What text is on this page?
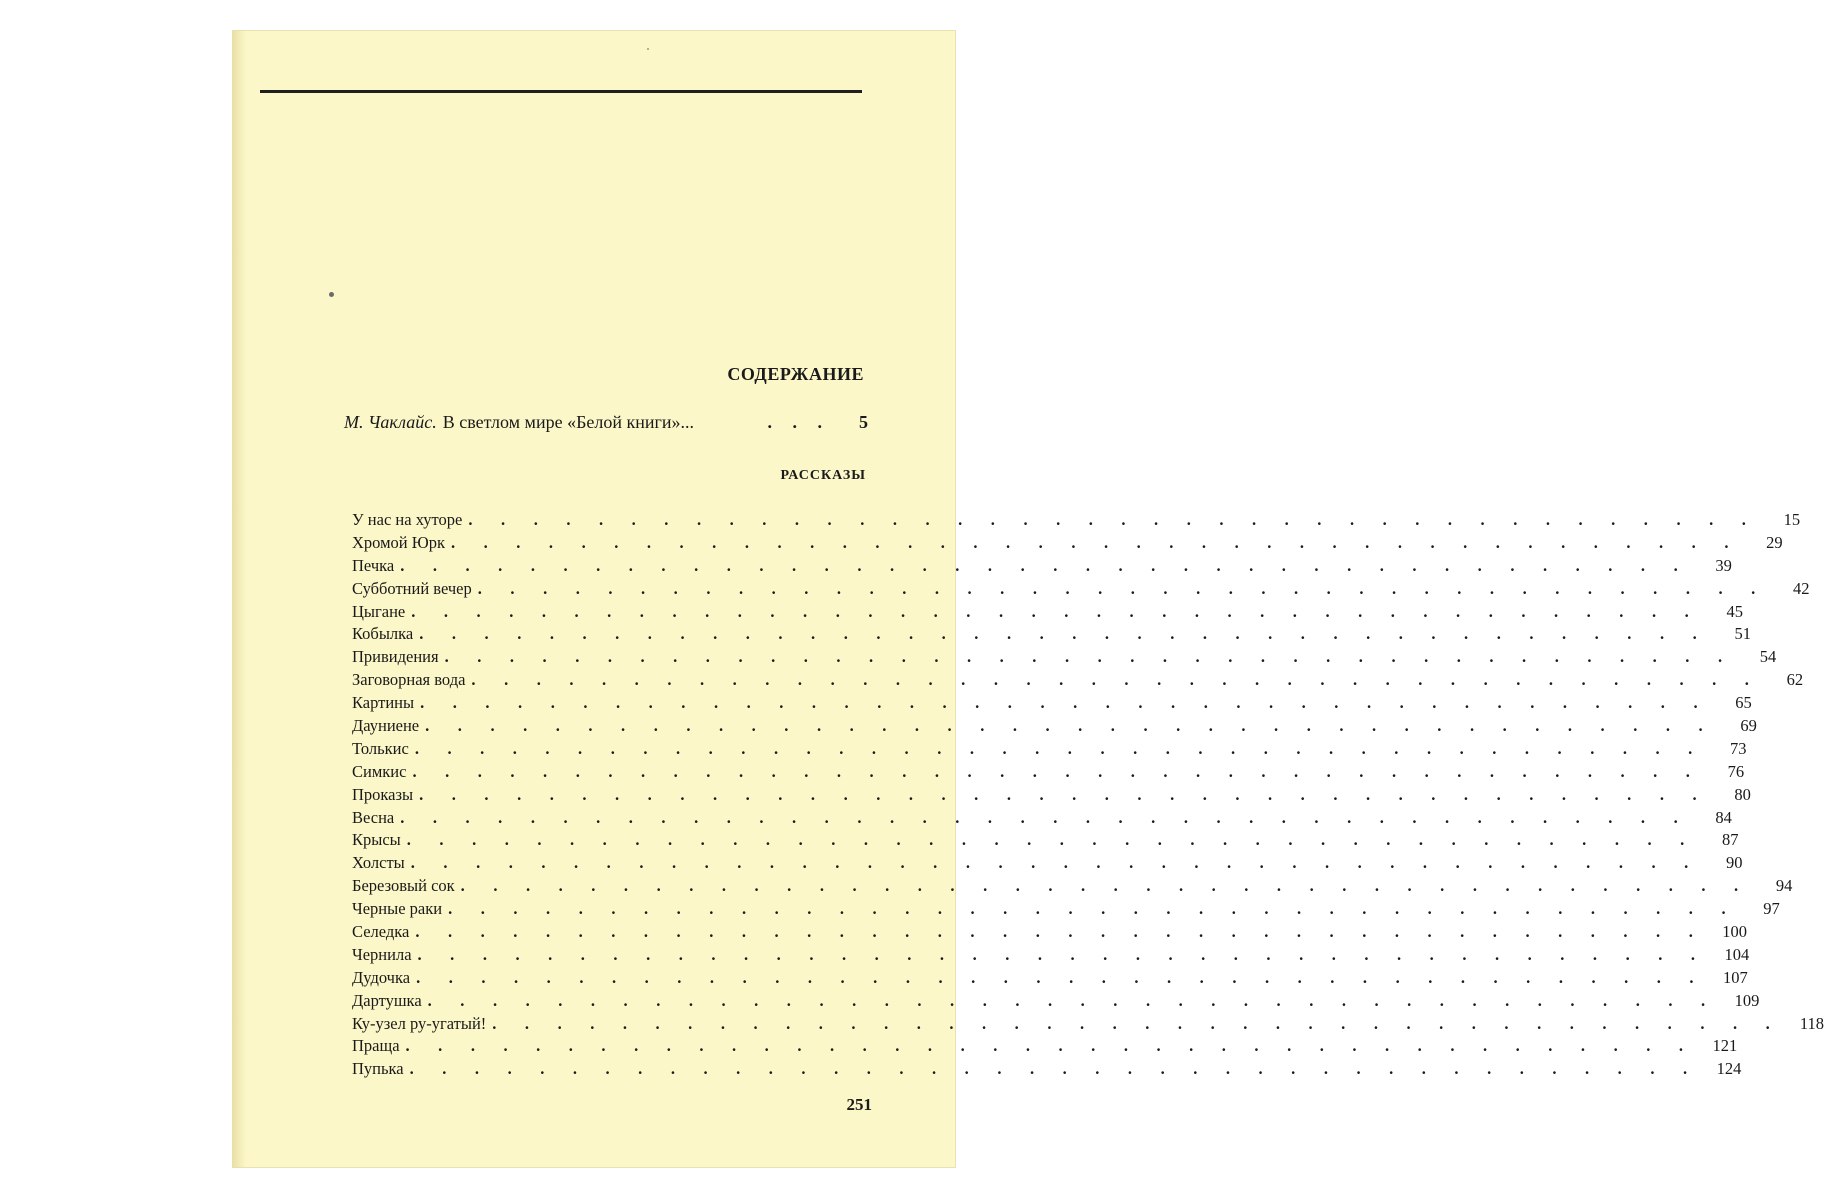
СОДЕРЖАНИЕ
М. Чаклайс. В светлом мире «Белой книги»...	. . .	5
РАССКАЗЫ
У нас на хуторе . . . . . . . . . . . . . . . . . . . . . . . . . . . . . . . . . . . . . . . .	15
Хромой Юрк . . . . . . . . . . . . . . . . . . . . . . . . . . . . . . . . . . . . . . . .	29
Печка . . . . . . . . . . . . . . . . . . . . . . . . . . . . . . . . . . . . . . . .	39
Субботний вечер . . . . . . . . . . . . . . . . . . . . . . . . . . . . . . . . . . . . . . . .	42
Цыгане . . . . . . . . . . . . . . . . . . . . . . . . . . . . . . . . . . . . . . . .	45
Кобылка . . . . . . . . . . . . . . . . . . . . . . . . . . . . . . . . . . . . . . . .	51
Привидения . . . . . . . . . . . . . . . . . . . . . . . . . . . . . . . . . . . . . . . .	54
Заговорная вода . . . . . . . . . . . . . . . . . . . . . . . . . . . . . . . . . . . . . . . .	62
Картины . . . . . . . . . . . . . . . . . . . . . . . . . . . . . . . . . . . . . . . .	65
Дауниене . . . . . . . . . . . . . . . . . . . . . . . . . . . . . . . . . . . . . . . .	69
Толькис . . . . . . . . . . . . . . . . . . . . . . . . . . . . . . . . . . . . . . . .	73
Симкис . . . . . . . . . . . . . . . . . . . . . . . . . . . . . . . . . . . . . . . .	76
Проказы . . . . . . . . . . . . . . . . . . . . . . . . . . . . . . . . . . . . . . . .	80
Весна . . . . . . . . . . . . . . . . . . . . . . . . . . . . . . . . . . . . . . . .	84
Крысы . . . . . . . . . . . . . . . . . . . . . . . . . . . . . . . . . . . . . . . .	87
Холсты . . . . . . . . . . . . . . . . . . . . . . . . . . . . . . . . . . . . . . . .	90
Березовый сок . . . . . . . . . . . . . . . . . . . . . . . . . . . . . . . . . . . . . . . .	94
Черные раки . . . . . . . . . . . . . . . . . . . . . . . . . . . . . . . . . . . . . . . .	97
Селедка . . . . . . . . . . . . . . . . . . . . . . . . . . . . . . . . . . . . . . . .	100
Чернила . . . . . . . . . . . . . . . . . . . . . . . . . . . . . . . . . . . . . . . .	104
Дудочка . . . . . . . . . . . . . . . . . . . . . . . . . . . . . . . . . . . . . . . .	107
Дартушка . . . . . . . . . . . . . . . . . . . . . . . . . . . . . . . . . . . . . . . .	109
Ку-узел ру-угатый! . . . . . . . . . . . . . . . . . . . . . . . . . . . . . . . . . . . . . . . .	118
Праща . . . . . . . . . . . . . . . . . . . . . . . . . . . . . . . . . . . . . . . .	121
Пупька . . . . . . . . . . . . . . . . . . . . . . . . . . . . . . . . . . . . . . . .	124
251
